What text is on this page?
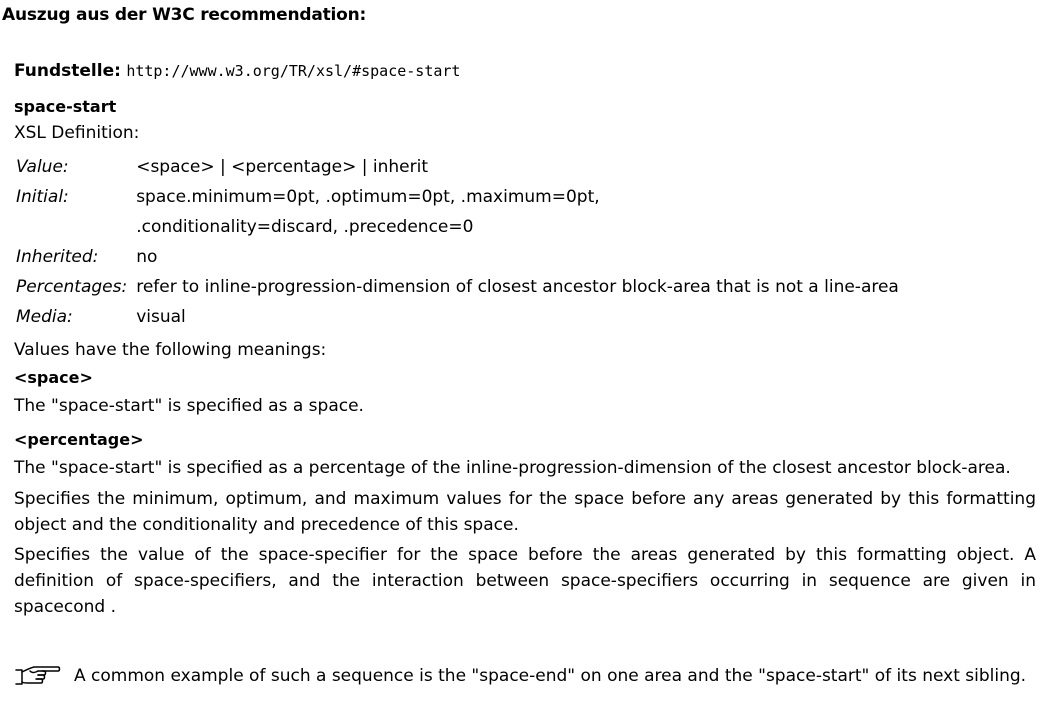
Auszug aus der W3C recommendation:
Fundstelle: http://www.w3.org/TR/xsl/#space-start
space-start
XSL Definition:
Value:	<space> | <percentage> | inherit
Initial:	space.minimum=0pt, .optimum=0pt, .maximum=0pt,
.conditionality=discard, .precedence=0

Inherited:	no
Percentages:	refer to inline-progression-dimension of closest ancestor block-area that is not a line-area
Media:	visual
Values have the following meanings:
<space>
The "space-start" is specified as a space.
<percentage>
The "space-start" is specified as a percentage of the inline-progression-dimension of the closest ancestor block-area.
Specifies the minimum, optimum, and maximum values for the space before any areas generated by this formatting object and the conditionality and precedence of this space.
Specifies the value of the space-specifier for the space before the areas generated by this formatting object. A definition of space-specifiers, and the interaction between space-specifiers occurring in sequence are given in spacecond .
A common example of such a sequence is the "space-end" on one area and the "space-start" of its next sibling.
